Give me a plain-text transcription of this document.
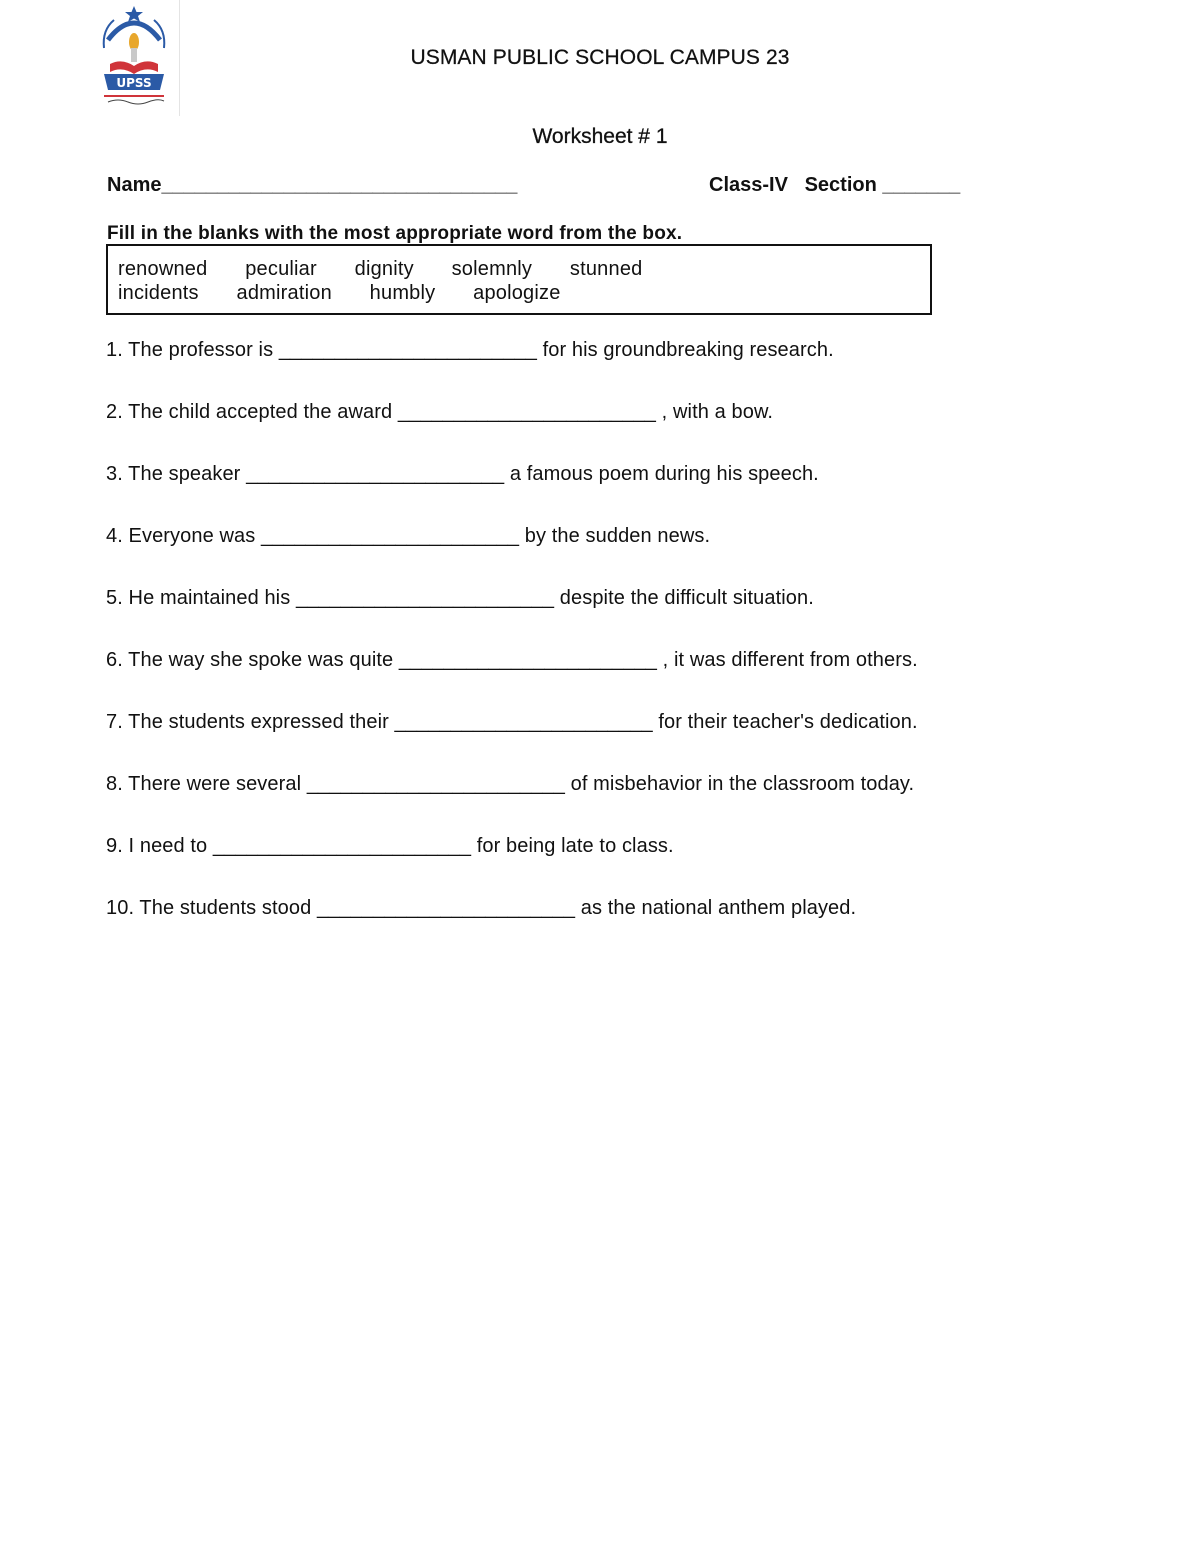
UPSS
USMAN PUBLIC SCHOOL CAMPUS 23
Worksheet # 1
Name________________________________	Class-IV   Section _______
Fill in the blanks with the most appropriate word from the box.
renowned peculiar dignity solemnly stunned
incidents admiration humbly apologize
1. The professor is _______________________ for his groundbreaking research.
2. The child accepted the award _______________________ , with a bow.
3. The speaker _______________________ a famous poem during his speech.
4. Everyone was _______________________ by the sudden news.
5. He maintained his _______________________ despite the difficult situation.
6. The way she spoke was quite _______________________ , it was different from others.
7. The students expressed their _______________________ for their teacher's dedication.
8. There were several _______________________ of misbehavior in the classroom today.
9. I need to _______________________ for being late to class.
10. The students stood _______________________ as the national anthem played.
